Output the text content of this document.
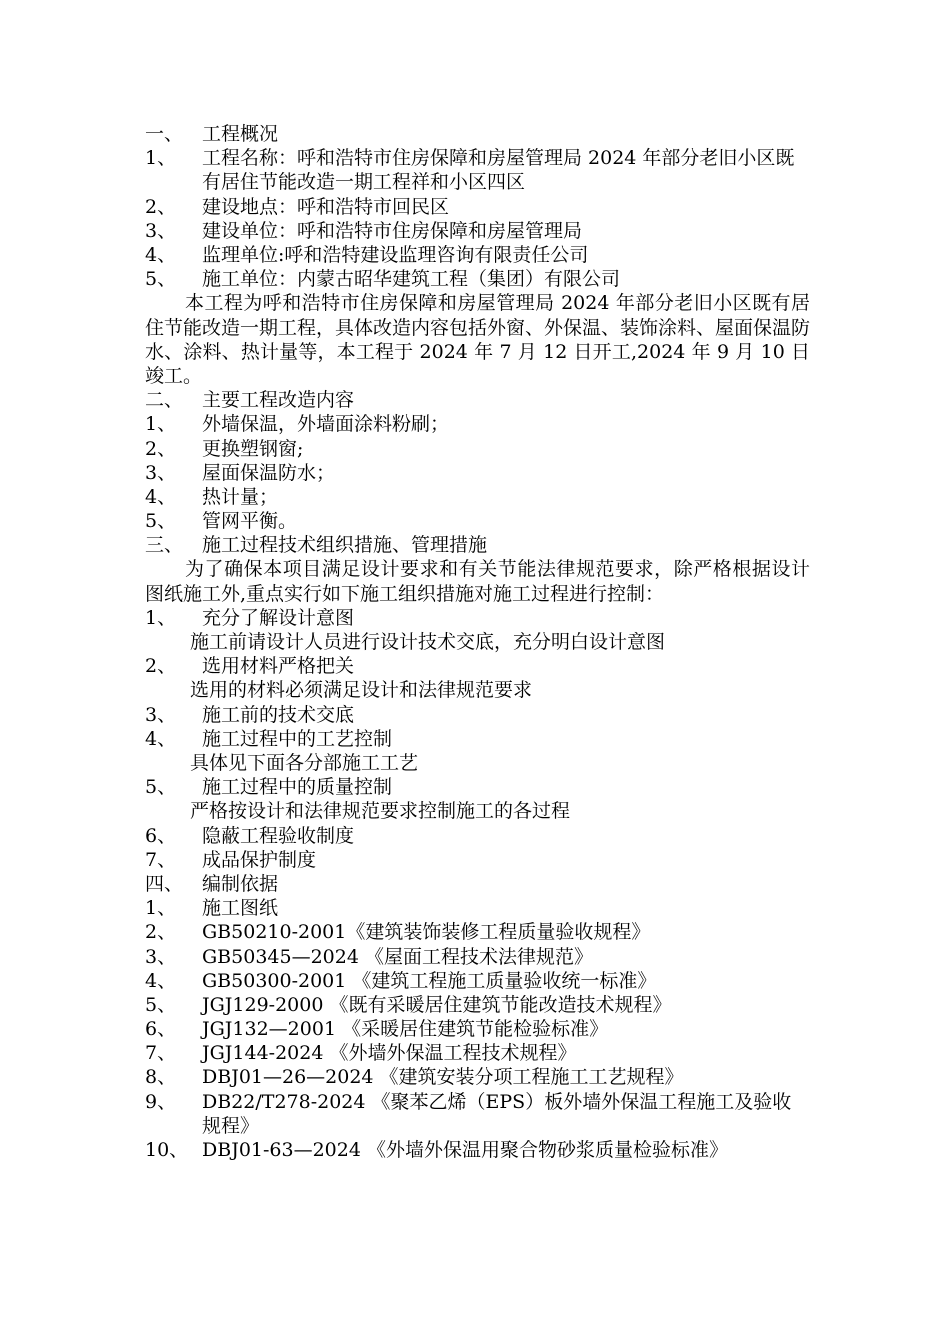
一、 工程概况
1、	工程名称：呼和浩特市住房保障和房屋管理局 2024 年部分老旧小区既有居住节能改造一期工程祥和小区四区
2、	建设地点：呼和浩特市回民区
3、	建设单位：呼和浩特市住房保障和房屋管理局
4、	监理单位:呼和浩特建设监理咨询有限责任公司
5、	施工单位：内蒙古昭华建筑工程（集团）有限公司
本工程为呼和浩特市住房保障和房屋管理局 2024 年部分老旧小区既有居住节能改造一期工程，具体改造内容包括外窗、外保温、装饰涂料、屋面保温防水、涂料、热计量等，本工程于 2024 年 7 月 12 日开工,2024 年 9 月 10 日竣工。
二、 主要工程改造内容
1、	外墙保温，外墙面涂料粉刷；
2、	更换塑钢窗;
3、	屋面保温防水；
4、	热计量；
5、	管网平衡。
三、 施工过程技术组织措施、管理措施
为了确保本项目满足设计要求和有关节能法律规范要求，除严格根据设计图纸施工外,重点实行如下施工组织措施对施工过程进行控制：
1、	充分了解设计意图
施工前请设计人员进行设计技术交底，充分明白设计意图
2、	选用材料严格把关
选用的材料必须满足设计和法律规范要求
3、	施工前的技术交底
4、	施工过程中的工艺控制
具体见下面各分部施工工艺
5、	施工过程中的质量控制
严格按设计和法律规范要求控制施工的各过程
6、	隐蔽工程验收制度
7、	成品保护制度
四、 编制依据
1、	施工图纸
2、	GB50210-2001《建筑装饰装修工程质量验收规程》
3、	GB50345—2024 《屋面工程技术法律规范》
4、	GB50300-2001 《建筑工程施工质量验收统一标准》
5、	JGJ129-2000 《既有采暖居住建筑节能改造技术规程》
6、	JGJ132—2001 《采暖居住建筑节能检验标准》
7、	JGJ144-2024 《外墙外保温工程技术规程》
8、	DBJ01—26—2024 《建筑安装分项工程施工工艺规程》
9、	DB22/T278-2024 《聚苯乙烯（EPS）板外墙外保温工程施工及验收规程》
10、 DBJ01-63—2024 《外墙外保温用聚合物砂浆质量检验标准》
